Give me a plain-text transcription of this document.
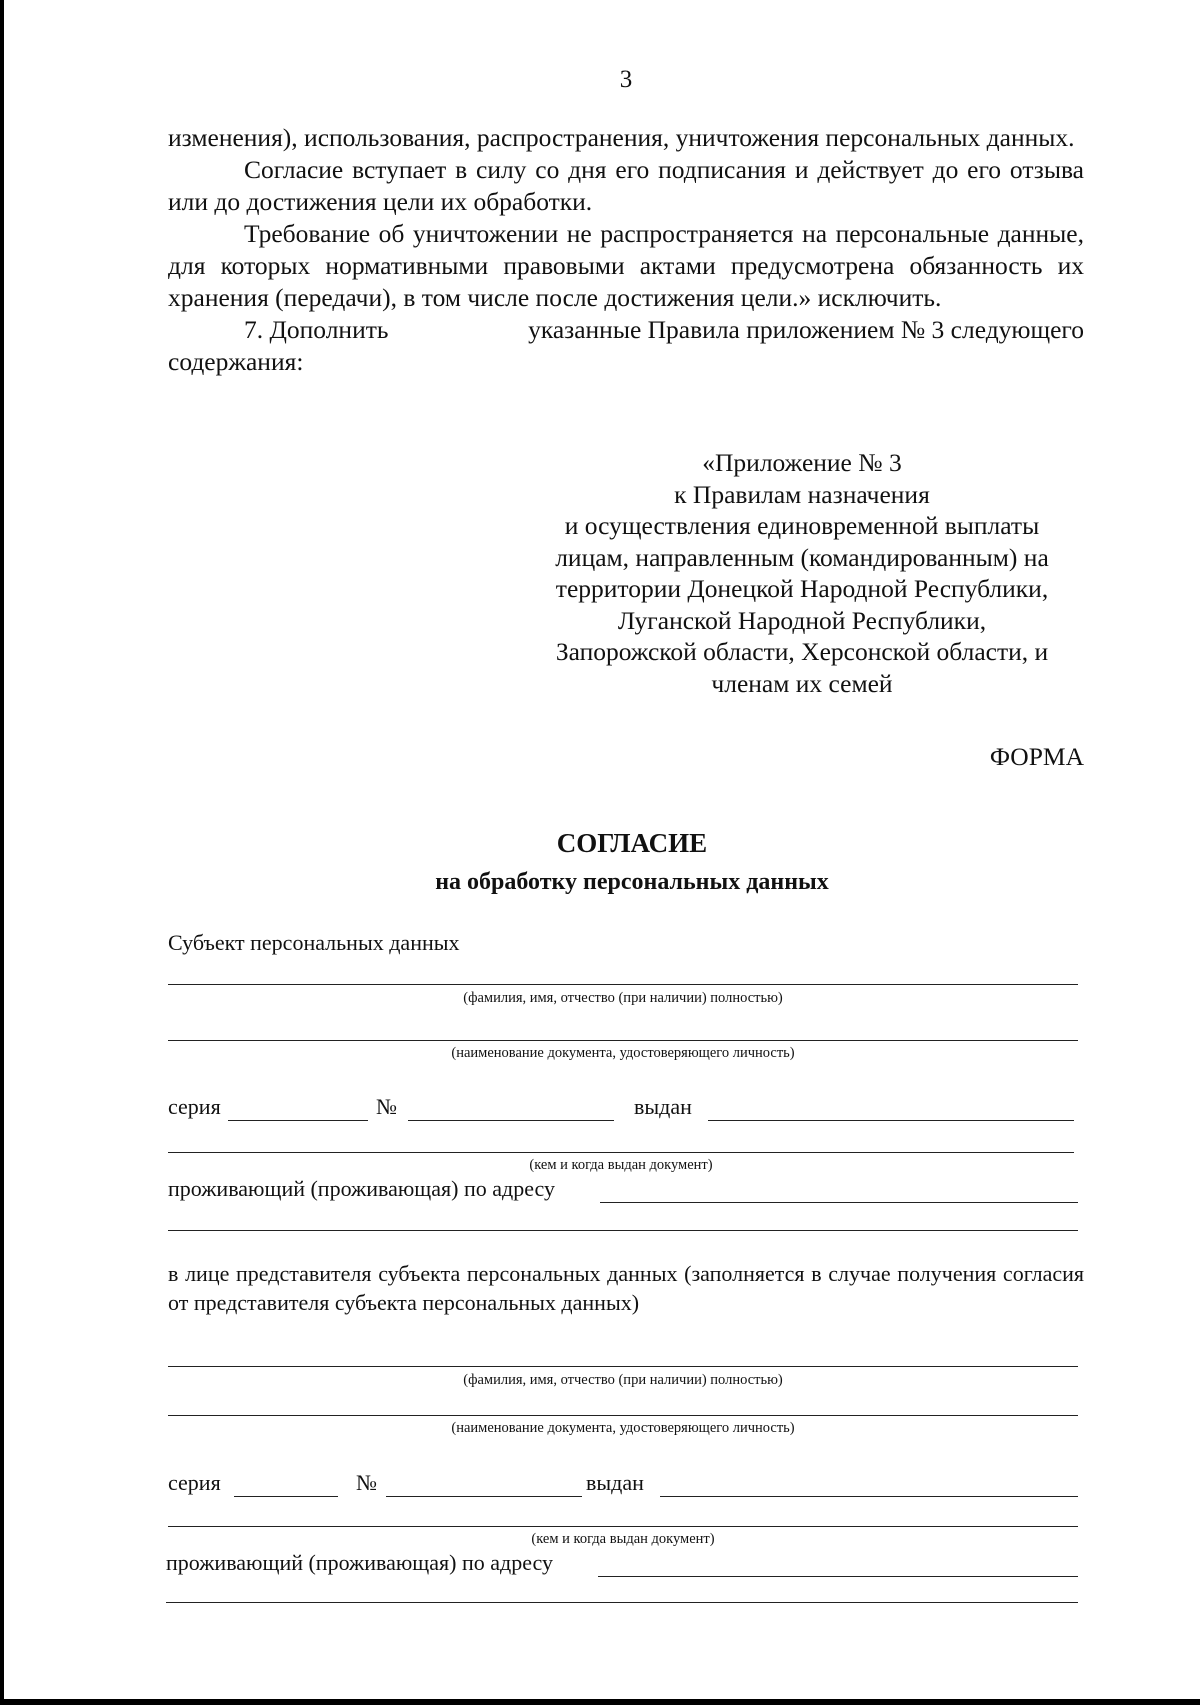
3

изменения), использования, распространения, уничтожения персональных данных.

Согласие вступает в силу со дня его подписания и действует до его отзыва или до достижения цели их обработки.

Требование об уничтожении не распространяется на персональные данные, для которых нормативными правовыми актами предусмотрена обязанность их хранения (передачи), в том числе после достижения цели.» исключить.

7. Дополнить	указанные Правила приложением № 3 следующего

содержания:

«Приложение № 3
к Правилам назначения
и осуществления единовременной выплаты
лицам, направленным (командированным) на
территории Донецкой Народной Республики,
Луганской Народной Республики,
Запорожской области, Херсонской области, и
членам их семей
ФОРМА
СОГЛАСИЕ
на обработку персональных данных
Субъект персональных данных
(фамилия, имя, отчество (при наличии) полностью)
(наименование документа, удостоверяющего личность)
серия	№	выдан
(кем и когда выдан документ)
проживающий (проживающая) по адресу

в лице представителя субъекта персональных данных (заполняется в случае получения согласия от представителя субъекта персональных данных)

(фамилия, имя, отчество (при наличии) полностью)
(наименование документа, удостоверяющего личность)
серия	№	выдан
(кем и когда выдан документ)
проживающий (проживающая) по адресу
